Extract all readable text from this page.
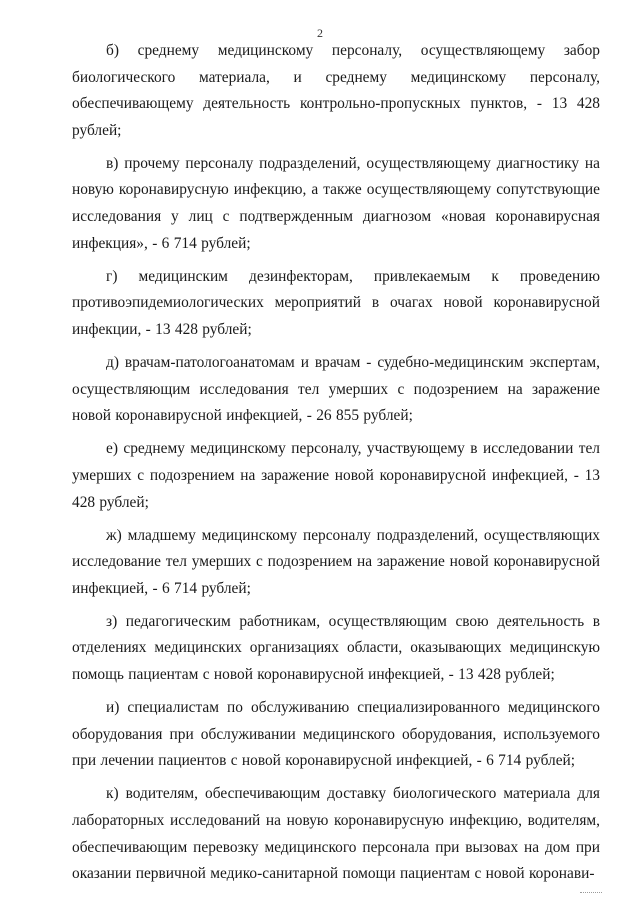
2

б) среднему медицинскому персоналу, осуществляющему забор биологического материала, и среднему медицинскому персоналу, обеспечивающему деятельность контрольно-пропускных пунктов, - 13 428 рублей;

в) прочему персоналу подразделений, осуществляющему диагностику на новую коронавирусную инфекцию, а также осуществляющему сопутствующие исследования у лиц с подтвержденным диагнозом «новая коронавирусная инфекция», - 6 714 рублей;

г) медицинским дезинфекторам, привлекаемым к проведению противоэпидемиологических мероприятий в очагах новой коронавирусной инфекции, - 13 428 рублей;

д) врачам-патологоанатомам и врачам - судебно-медицинским экспертам, осуществляющим исследования тел умерших с подозрением на заражение новой коронавирусной инфекцией, - 26 855 рублей;

е) среднему медицинскому персоналу, участвующему в исследовании тел умерших с подозрением на заражение новой коронавирусной инфекцией, - 13 428 рублей;

ж) младшему медицинскому персоналу подразделений, осуществляющих исследование тел умерших с подозрением на заражение новой коронавирусной инфекцией, - 6 714 рублей;

з) педагогическим работникам, осуществляющим свою деятельность в отделениях медицинских организациях области, оказывающих медицинскую помощь пациентам с новой коронавирусной инфекцией, - 13 428 рублей;

и) специалистам по обслуживанию специализированного медицинского оборудования при обслуживании медицинского оборудования, используемого при лечении пациентов с новой коронавирусной инфекцией, - 6 714 рублей;

к) водителям, обеспечивающим доставку биологического материала для лабораторных исследований на новую коронавирусную инфекцию, водителям, обеспечивающим перевозку медицинского персонала при вызовах на дом при оказании первичной медико-санитарной помощи пациентам с новой коронави-
